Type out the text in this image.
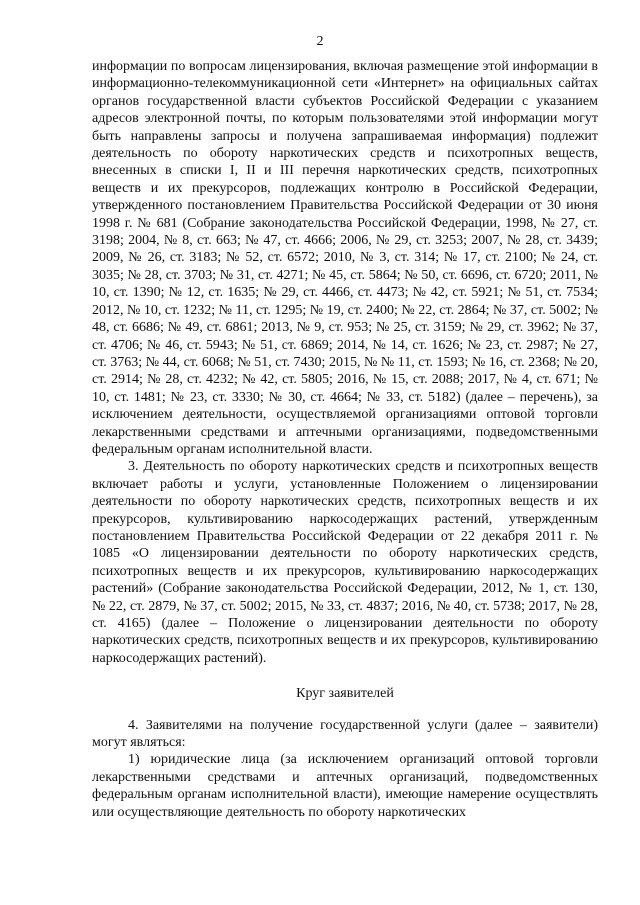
2

информации по вопросам лицензирования, включая размещение этой информации в информационно-телекоммуникационной сети «Интернет» на официальных сайтах органов государственной власти субъектов Российской Федерации с указанием адресов электронной почты, по которым пользователями этой информации могут быть направлены запросы и получена запрашиваемая информация) подлежит деятельность по обороту наркотических средств и психотропных веществ, внесенных в списки I, II и III перечня наркотических средств, психотропных веществ и их прекурсоров, подлежащих контролю в Российской Федерации, утвержденного постановлением Правительства Российской Федерации от 30 июня 1998 г. № 681 (Собрание законодательства Российской Федерации, 1998, № 27, ст. 3198; 2004, № 8, ст. 663; № 47, ст. 4666; 2006, № 29, ст. 3253; 2007, № 28, ст. 3439; 2009, № 26, ст. 3183; № 52, ст. 6572; 2010, № 3, ст. 314; № 17, ст. 2100; № 24, ст. 3035; № 28, ст. 3703; № 31, ст. 4271; № 45, ст. 5864; № 50, ст. 6696, ст. 6720; 2011, № 10, ст. 1390; № 12, ст. 1635; № 29, ст. 4466, ст. 4473; № 42, ст. 5921; № 51, ст. 7534; 2012, № 10, ст. 1232; № 11, ст. 1295; № 19, ст. 2400; № 22, ст. 2864; № 37, ст. 5002; № 48, ст. 6686; № 49, ст. 6861; 2013, № 9, ст. 953; № 25, ст. 3159; № 29, ст. 3962; № 37, ст. 4706; № 46, ст. 5943; № 51, ст. 6869; 2014, № 14, ст. 1626; № 23, ст. 2987; № 27, ст. 3763; № 44, ст. 6068; № 51, ст. 7430; 2015, № № 11, ст. 1593; № 16, ст. 2368; № 20, ст. 2914; № 28, ст. 4232; № 42, ст. 5805; 2016, № 15, ст. 2088; 2017, № 4, ст. 671; № 10, ст. 1481; № 23, ст. 3330; № 30, ст. 4664; № 33, ст. 5182) (далее – перечень), за исключением деятельности, осуществляемой организациями оптовой торговли лекарственными средствами и аптечными организациями, подведомственными федеральным органам исполнительной власти.

3. Деятельность по обороту наркотических средств и психотропных веществ включает работы и услуги, установленные Положением о лицензировании деятельности по обороту наркотических средств, психотропных веществ и их прекурсоров, культивированию наркосодержащих растений, утвержденным постановлением Правительства Российской Федерации от 22 декабря 2011 г. № 1085 «О лицензировании деятельности по обороту наркотических средств, психотропных веществ и их прекурсоров, культивированию наркосодержащих растений» (Собрание законодательства Российской Федерации, 2012, № 1, ст. 130, № 22, ст. 2879, № 37, ст. 5002; 2015, № 33, ст. 4837; 2016, № 40, ст. 5738; 2017, № 28, ст. 4165) (далее – Положение о лицензировании деятельности по обороту наркотических средств, психотропных веществ и их прекурсоров, культивированию наркосодержащих растений).

Круг заявителей

4. Заявителями на получение государственной услуги (далее – заявители) могут являться:

1) юридические лица (за исключением организаций оптовой торговли лекарственными средствами и аптечных организаций, подведомственных федеральным органам исполнительной власти), имеющие намерение осуществлять или осуществляющие деятельность по обороту наркотических
